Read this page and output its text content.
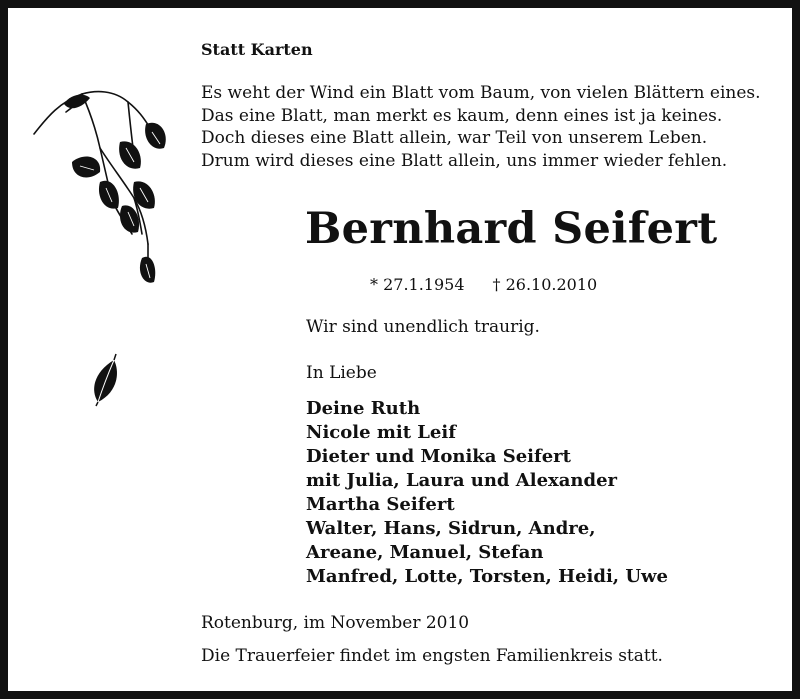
Statt Karten
Es weht der Wind ein Blatt vom Baum, von vielen Blättern eines.
Das eine Blatt, man merkt es kaum, denn eines ist ja keines.
Doch dieses eine Blatt allein, war Teil von unserem Leben.
Drum wird dieses eine Blatt allein, uns immer wieder fehlen.
Bernhard Seifert
* 27.1.1954 † 26.10.2010
Wir sind unendlich traurig.
In Liebe
Deine Ruth
Nicole mit Leif
Dieter und Monika Seifert
mit Julia, Laura und Alexander
Martha Seifert
Walter, Hans, Sidrun, Andre,
Areane, Manuel, Stefan
Manfred, Lotte, Torsten, Heidi, Uwe
Rotenburg, im November 2010
Die Trauerfeier findet im engsten Familienkreis statt.
